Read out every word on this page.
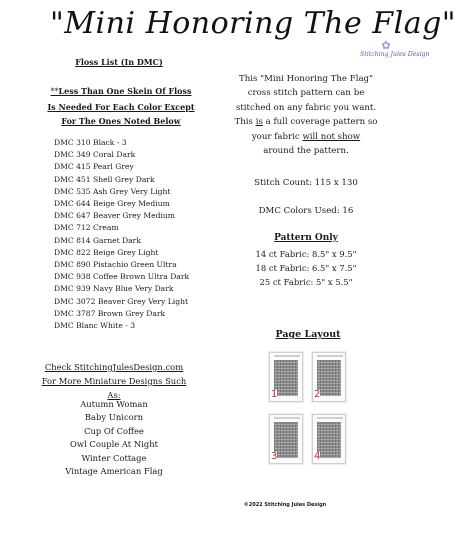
"Mini Honoring The Flag"
✿
Stitching Jules Design
Floss List (In DMC)
**Less Than One Skein Of Floss Is Needed For Each Color Except For The Ones Noted Below
DMC 310 Black - 3
DMC 349 Coral Dark
DMC 415 Pearl Grey
DMC 451 Shell Grey Dark
DMC 535 Ash Grey Very Light
DMC 644 Beige Grey Medium
DMC 647 Beaver Grey Medium
DMC 712 Cream
DMC 814 Garnet Dark
DMC 822 Beige Grey Light
DMC 890 Pistachio Green Ultra
DMC 938 Coffee Brown Ultra Dark
DMC 939 Navy Blue Very Dark
DMC 3072 Beaver Grey Very Light
DMC 3787 Brown Grey Dark
DMC Blanc White - 3
This "Mini Honoring The Flag"
cross stitch pattern can be
stitched on any fabric you want.
This is a full coverage pattern so
your fabric will not show
around the pattern.
Stitch Count: 115 x 130
DMC Colors Used: 16
Pattern Only
14 ct Fabric: 8.5" x 9.5"
18 ct Fabric: 6.5" x 7.5"
25 ct Fabric: 5" x 5.5"
Page Layout
1	2
3	4
Check StitchingJulesDesign.com
For More Miniature Designs Such As:
Autumn Woman
Baby Unicorn
Cup Of Coffee
Owl Couple At Night
Winter Cottage
Vintage American Flag
©2022 Stitching Jules Design
